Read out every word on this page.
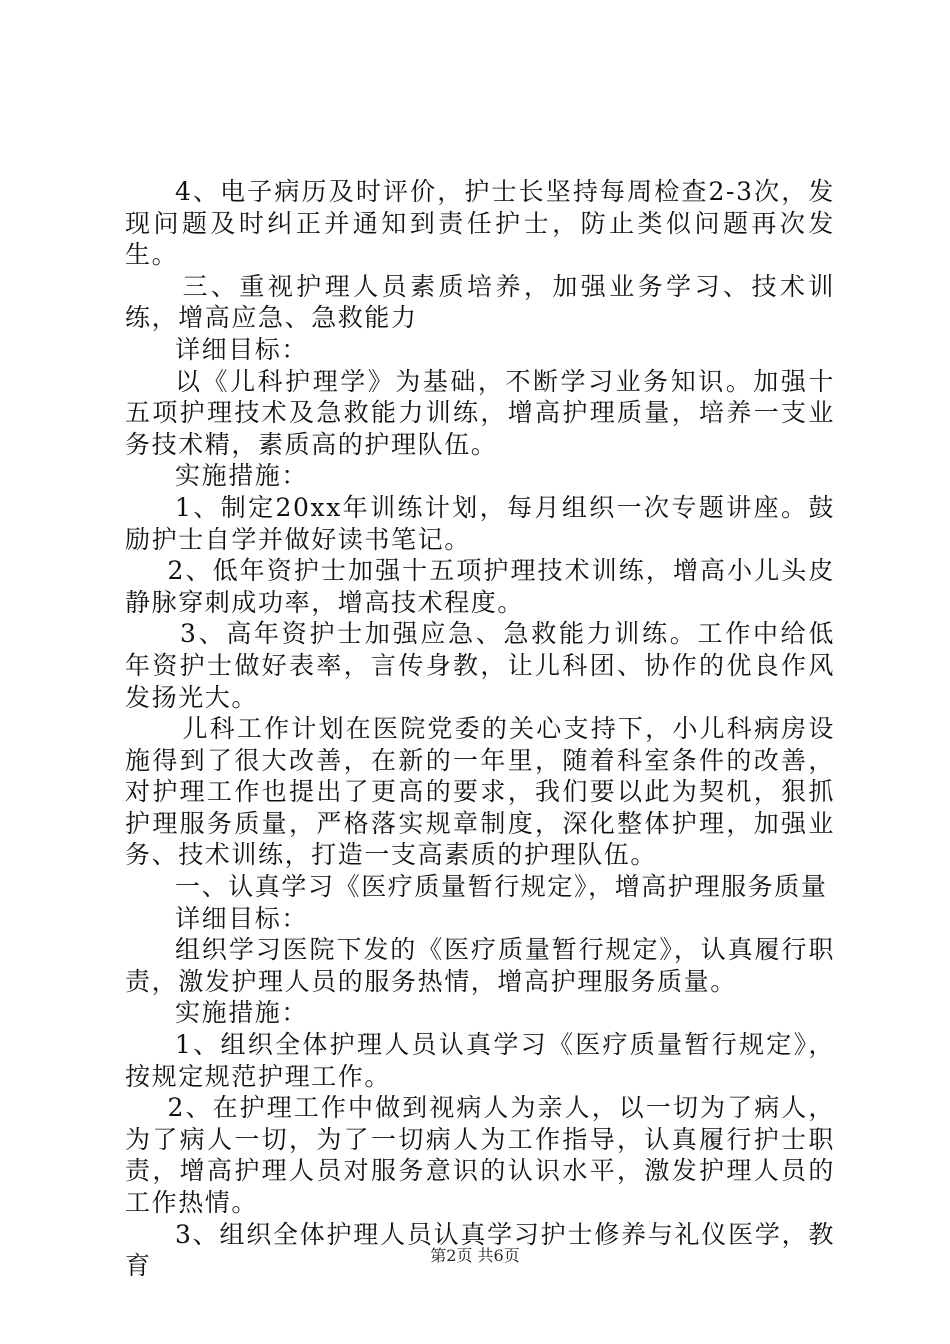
4、电子病历及时评价，护士长坚持每周检查2-3次，发现问题及时纠正并通知到责任护士，防止类似问题再次发生。

三、重视护理人员素质培养，加强业务学习、技术训练，增高应急、急救能力

详细目标：

以《儿科护理学》为基础，不断学习业务知识。加强十五项护理技术及急救能力训练，增高护理质量，培养一支业务技术精，素质高的护理队伍。

实施措施：

1、制定20xx年训练计划，每月组织一次专题讲座。鼓励护士自学并做好读书笔记。

2、低年资护士加强十五项护理技术训练，增高小儿头皮静脉穿刺成功率，增高技术程度。

3、高年资护士加强应急、急救能力训练。工作中给低年资护士做好表率，言传身教，让儿科团、协作的优良作风发扬光大。

儿科工作计划在医院党委的关心支持下，小儿科病房设施得到了很大改善，在新的一年里，随着科室条件的改善，对护理工作也提出了更高的要求，我们要以此为契机，狠抓护理服务质量，严格落实规章制度，深化整体护理，加强业务、技术训练，打造一支高素质的护理队伍。

一、认真学习《医疗质量暂行规定》，增高护理服务质量

详细目标：

组织学习医院下发的《医疗质量暂行规定》，认真履行职责，激发护理人员的服务热情，增高护理服务质量。

实施措施：

1、组织全体护理人员认真学习《医疗质量暂行规定》，按规定规范护理工作。

2、在护理工作中做到视病人为亲人，以一切为了病人，为了病人一切，为了一切病人为工作指导，认真履行护士职责，增高护理人员对服务意识的认识水平，激发护理人员的工作热情。

3、组织全体护理人员认真学习护士修养与礼仪医学，教育	第2页 共6页
